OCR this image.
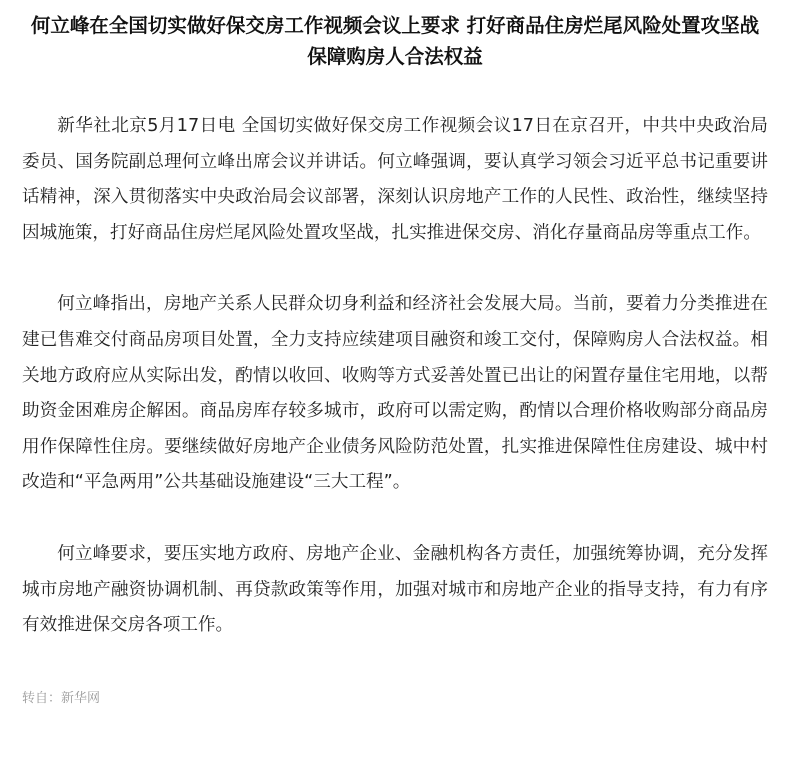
何立峰在全国切实做好保交房工作视频会议上要求 打好商品住房烂尾风险处置攻坚战
保障购房人合法权益

新华社北京5月17日电 全国切实做好保交房工作视频会议17日在京召开，中共中央政治局委员、国务院副总理何立峰出席会议并讲话。何立峰强调，要认真学习领会习近平总书记重要讲话精神，深入贯彻落实中央政治局会议部署，深刻认识房地产工作的人民性、政治性，继续坚持因城施策，打好商品住房烂尾风险处置攻坚战，扎实推进保交房、消化存量商品房等重点工作。

何立峰指出，房地产关系人民群众切身利益和经济社会发展大局。当前，要着力分类推进在建已售难交付商品房项目处置，全力支持应续建项目融资和竣工交付，保障购房人合法权益。相关地方政府应从实际出发，酌情以收回、收购等方式妥善处置已出让的闲置存量住宅用地，以帮助资金困难房企解困。商品房库存较多城市，政府可以需定购，酌情以合理价格收购部分商品房用作保障性住房。要继续做好房地产企业债务风险防范处置，扎实推进保障性住房建设、城中村改造和“平急两用”公共基础设施建设“三大工程”。

何立峰要求，要压实地方政府、房地产企业、金融机构各方责任，加强统筹协调，充分发挥城市房地产融资协调机制、再贷款政策等作用，加强对城市和房地产企业的指导支持，有力有序有效推进保交房各项工作。

转自：新华网
